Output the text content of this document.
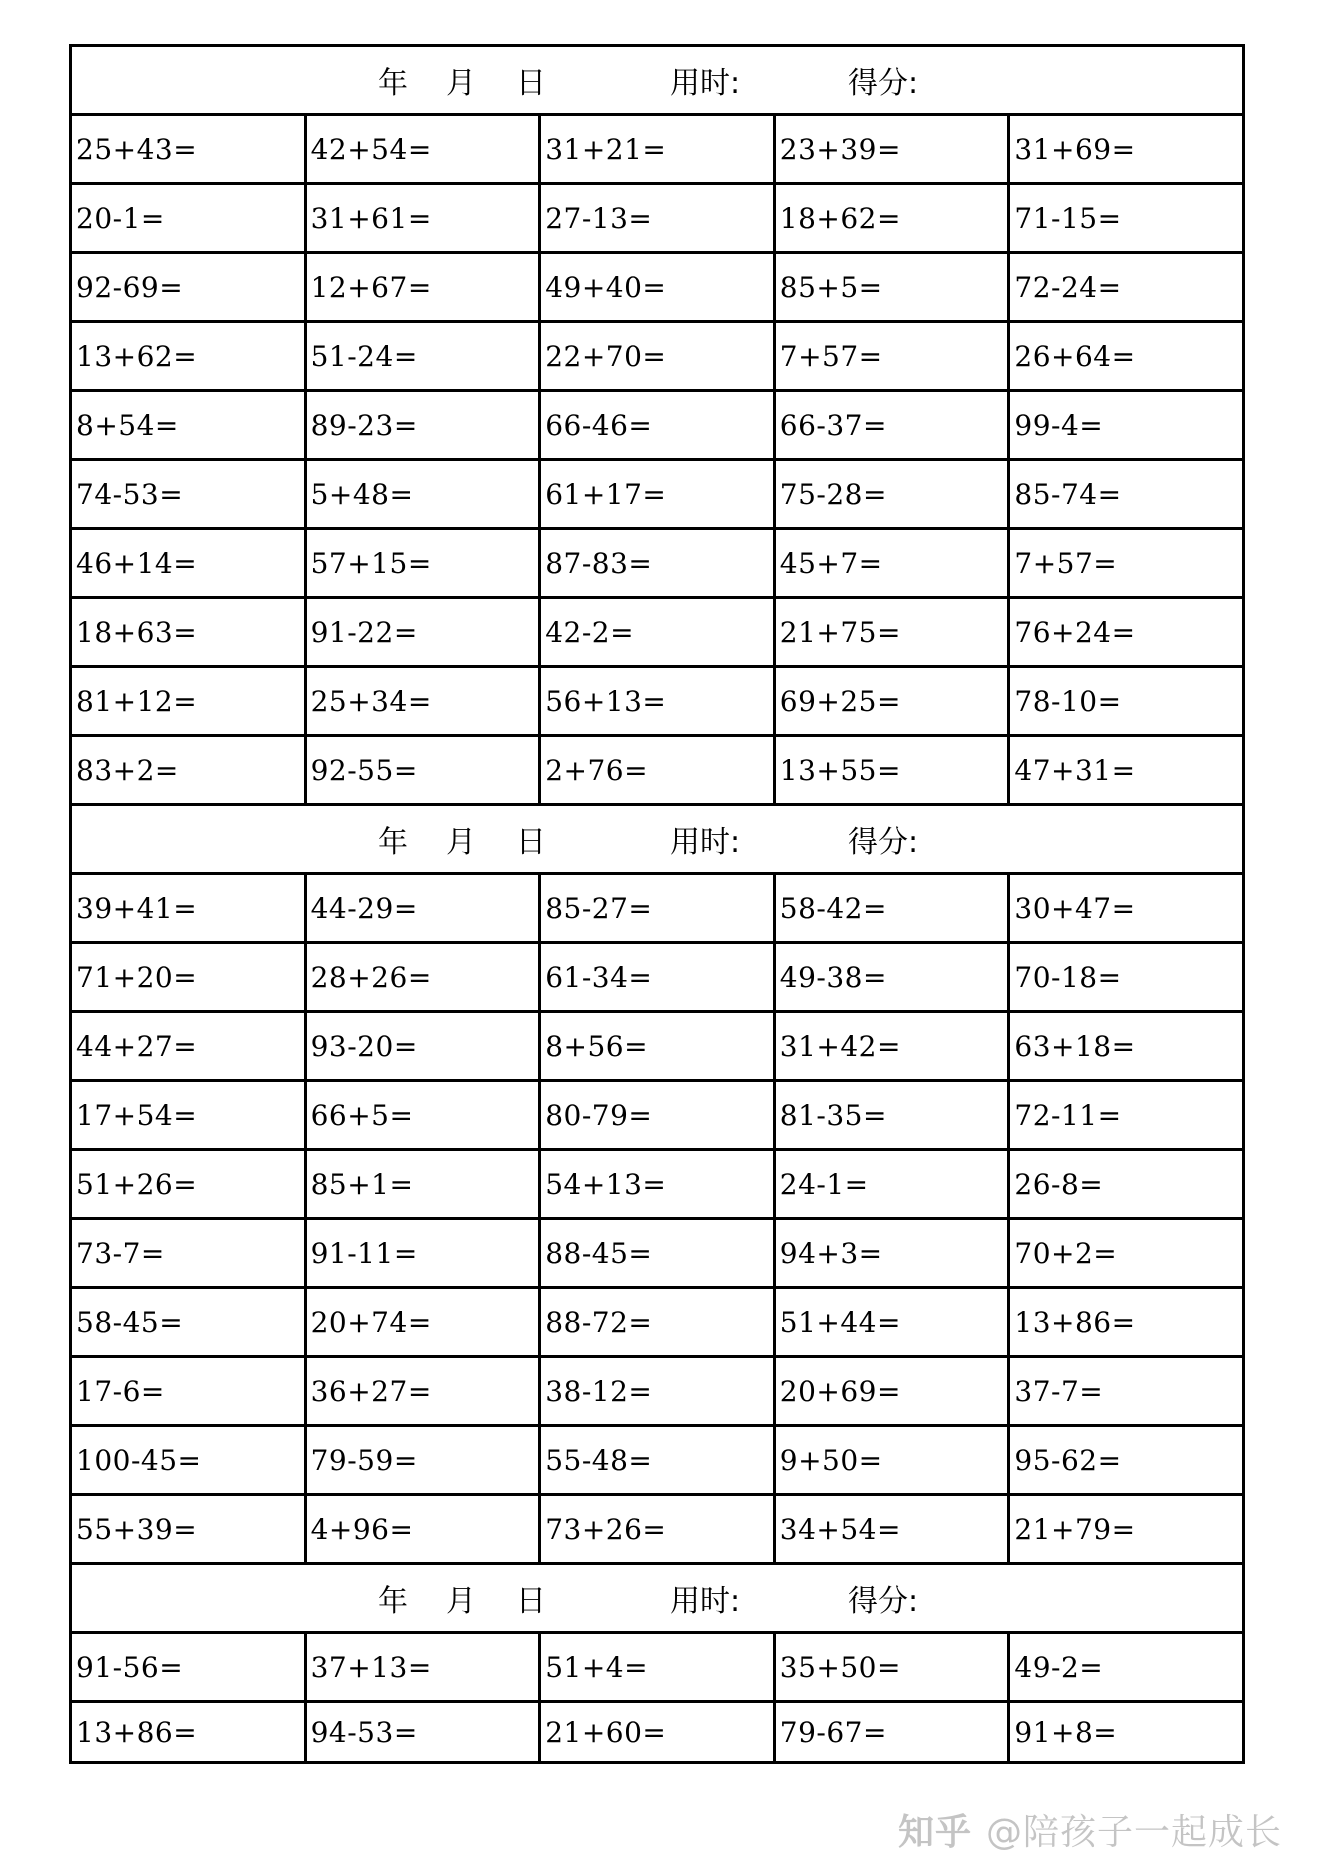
年 月 日 用时: 得分:				

25+43=	42+54=	31+21=	23+39=	31+69=
20-1=	31+61=	27-13=	18+62=	71-15=
92-69=	12+67=	49+40=	85+5=	72-24=
13+62=	51-24=	22+70=	7+57=	26+64=
8+54=	89-23=	66-46=	66-37=	99-4=
74-53=	5+48=	61+17=	75-28=	85-74=
46+14=	57+15=	87-83=	45+7=	7+57=
18+63=	91-22=	42-2=	21+75=	76+24=
81+12=	25+34=	56+13=	69+25=	78-10=
83+2=	92-55=	2+76=	13+55=	47+31=

年 月 日 用时: 得分:				

39+41=	44-29=	85-27=	58-42=	30+47=
71+20=	28+26=	61-34=	49-38=	70-18=
44+27=	93-20=	8+56=	31+42=	63+18=
17+54=	66+5=	80-79=	81-35=	72-11=
51+26=	85+1=	54+13=	24-1=	26-8=
73-7=	91-11=	88-45=	94+3=	70+2=
58-45=	20+74=	88-72=	51+44=	13+86=
17-6=	36+27=	38-12=	20+69=	37-7=
100-45=	79-59=	55-48=	9+50=	95-62=
55+39=	4+96=	73+26=	34+54=	21+79=

年 月 日 用时: 得分:				

91-56=	37+13=	51+4=	35+50=	49-2=
13+86=	94-53=	21+60=	79-67=	91+8=
知乎 @陪孩子一起成长
